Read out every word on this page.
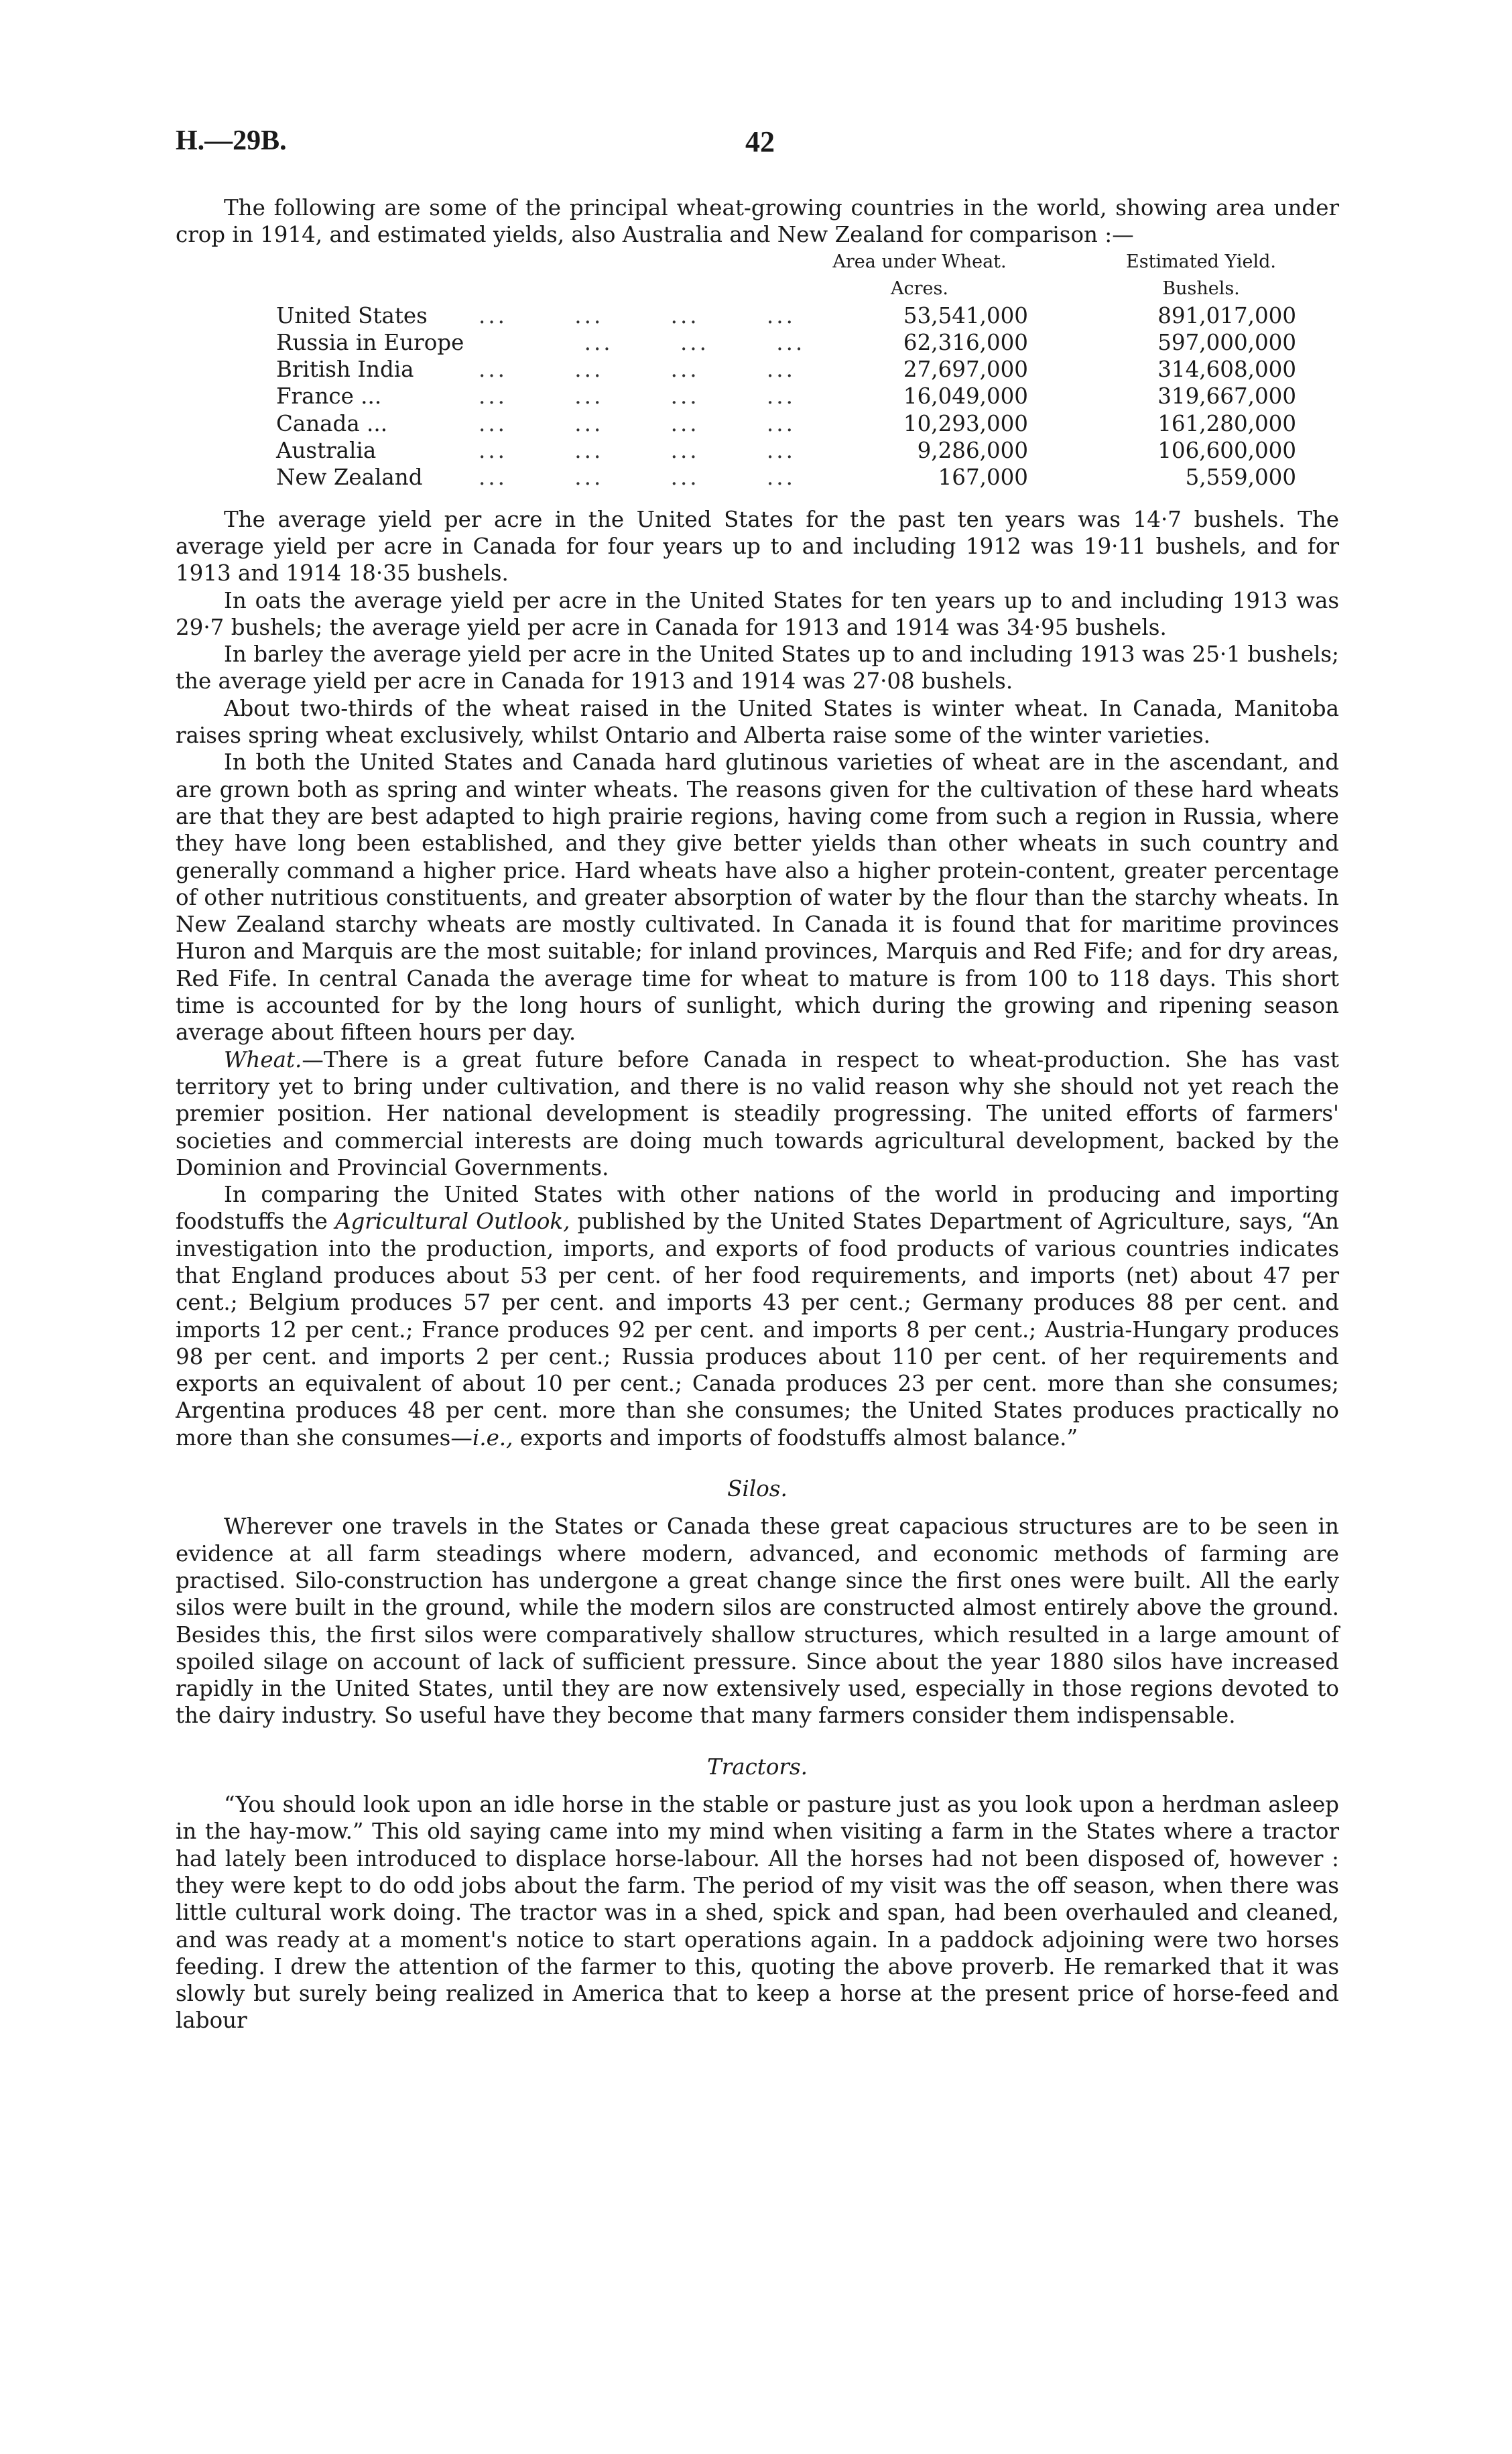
H.—29B.	42

The following are some of the principal wheat-growing countries in the world, showing area under crop in 1914, and estimated yields, also Australia and New Zealand for comparison :—

Area under Wheat.
Acres.
Estimated Yield.
Bushels.
United States	...       ...       ...       ...	53,541,000	891,017,000
Russia in Europe	...       ...       ...	62,316,000	597,000,000
British India	...       ...       ...       ...	27,697,000	314,608,000
France ...	...       ...       ...       ...	16,049,000	319,667,000
Canada ...	...       ...       ...       ...	10,293,000	161,280,000
Australia	...       ...       ...       ...	9,286,000	106,600,000
New Zealand	...       ...       ...       ...	167,000	5,559,000

The average yield per acre in the United States for the past ten years was 14·7 bushels. The average yield per acre in Canada for four years up to and including 1912 was 19·11 bushels, and for 1913 and 1914 18·35 bushels.

In oats the average yield per acre in the United States for ten years up to and including 1913 was 29·7 bushels; the average yield per acre in Canada for 1913 and 1914 was 34·95 bushels.

In barley the average yield per acre in the United States up to and including 1913 was 25·1 bushels; the average yield per acre in Canada for 1913 and 1914 was 27·08 bushels.

About two-thirds of the wheat raised in the United States is winter wheat. In Canada, Manitoba raises spring wheat exclusively, whilst Ontario and Alberta raise some of the winter varieties.

In both the United States and Canada hard glutinous varieties of wheat are in the ascendant, and are grown both as spring and winter wheats. The reasons given for the cultivation of these hard wheats are that they are best adapted to high prairie regions, having come from such a region in Russia, where they have long been established, and they give better yields than other wheats in such country and generally command a higher price. Hard wheats have also a higher protein-content, greater percentage of other nutritious constituents, and greater absorption of water by the flour than the starchy wheats. In New Zealand starchy wheats are mostly cultivated. In Canada it is found that for maritime provinces Huron and Marquis are the most suitable; for inland provinces, Marquis and Red Fife; and for dry areas, Red Fife. In central Canada the average time for wheat to mature is from 100 to 118 days. This short time is accounted for by the long hours of sunlight, which during the growing and ripening season average about fifteen hours per day.

Wheat.—There is a great future before Canada in respect to wheat-production. She has vast territory yet to bring under cultivation, and there is no valid reason why she should not yet reach the premier position. Her national development is steadily progressing. The united efforts of farmers' societies and commercial interests are doing much towards agricultural development, backed by the Dominion and Provincial Governments.

In comparing the United States with other nations of the world in producing and importing foodstuffs the Agricultural Outlook, published by the United States Department of Agriculture, says, “An investigation into the production, imports, and exports of food products of various countries indicates that England produces about 53 per cent. of her food requirements, and imports (net) about 47 per cent.; Belgium produces 57 per cent. and imports 43 per cent.; Germany produces 88 per cent. and imports 12 per cent.; France produces 92 per cent. and imports 8 per cent.; Austria-Hungary produces 98 per cent. and imports 2 per cent.; Russia produces about 110 per cent. of her requirements and exports an equivalent of about 10 per cent.; Canada produces 23 per cent. more than she consumes; Argentina produces 48 per cent. more than she consumes; the United States produces practically no more than she consumes—i.e., exports and imports of foodstuffs almost balance.”

Silos.

Wherever one travels in the States or Canada these great capacious structures are to be seen in evidence at all farm steadings where modern, advanced, and economic methods of farming are practised. Silo-construction has undergone a great change since the first ones were built. All the early silos were built in the ground, while the modern silos are constructed almost entirely above the ground. Besides this, the first silos were comparatively shallow structures, which resulted in a large amount of spoiled silage on account of lack of sufficient pressure. Since about the year 1880 silos have increased rapidly in the United States, until they are now extensively used, especially in those regions devoted to the dairy industry. So useful have they become that many farmers consider them indispensable.

Tractors.

“You should look upon an idle horse in the stable or pasture just as you look upon a herdman asleep in the hay-mow.” This old saying came into my mind when visiting a farm in the States where a tractor had lately been introduced to displace horse-labour. All the horses had not been disposed of, however : they were kept to do odd jobs about the farm. The period of my visit was the off season, when there was little cultural work doing. The tractor was in a shed, spick and span, had been overhauled and cleaned, and was ready at a moment's notice to start operations again. In a paddock adjoining were two horses feeding. I drew the attention of the farmer to this, quoting the above proverb. He remarked that it was slowly but surely being realized in America that to keep a horse at the present price of horse-feed and labour
